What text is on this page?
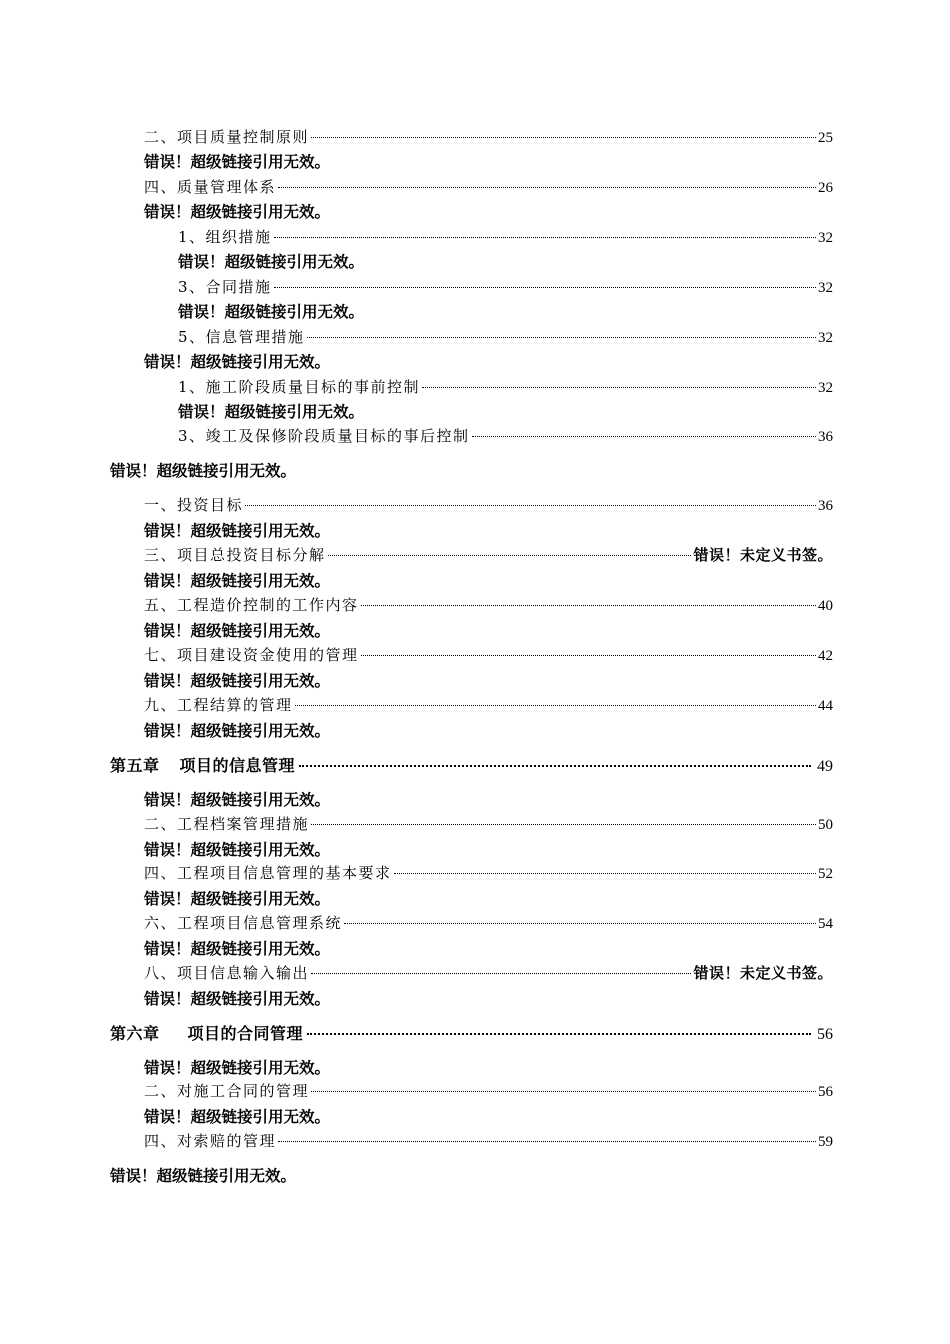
二、项目质量控制原则	25
错误！超级链接引用无效。
四、质量管理体系	26
错误！超级链接引用无效。
1、组织措施	32
错误！超级链接引用无效。
3、合同措施	32
错误！超级链接引用无效。
5、信息管理措施	32
错误！超级链接引用无效。
1、施工阶段质量目标的事前控制	32
错误！超级链接引用无效。
3、竣工及保修阶段质量目标的事后控制	36
错误！超级链接引用无效。
一、投资目标	36
错误！超级链接引用无效。
三、项目总投资目标分解	错误！未定义书签。
错误！超级链接引用无效。
五、工程造价控制的工作内容	40
错误！超级链接引用无效。
七、项目建设资金使用的管理	42
错误！超级链接引用无效。
九、工程结算的管理	44
错误！超级链接引用无效。
第五章 项目的信息管理	49
错误！超级链接引用无效。
二、工程档案管理措施	50
错误！超级链接引用无效。
四、工程项目信息管理的基本要求	52
错误！超级链接引用无效。
六、工程项目信息管理系统	54
错误！超级链接引用无效。
八、项目信息输入输出	错误！未定义书签。
错误！超级链接引用无效。
第六章 项目的合同管理	56
错误！超级链接引用无效。
二、对施工合同的管理	56
错误！超级链接引用无效。
四、对索赔的管理	59
错误！超级链接引用无效。
